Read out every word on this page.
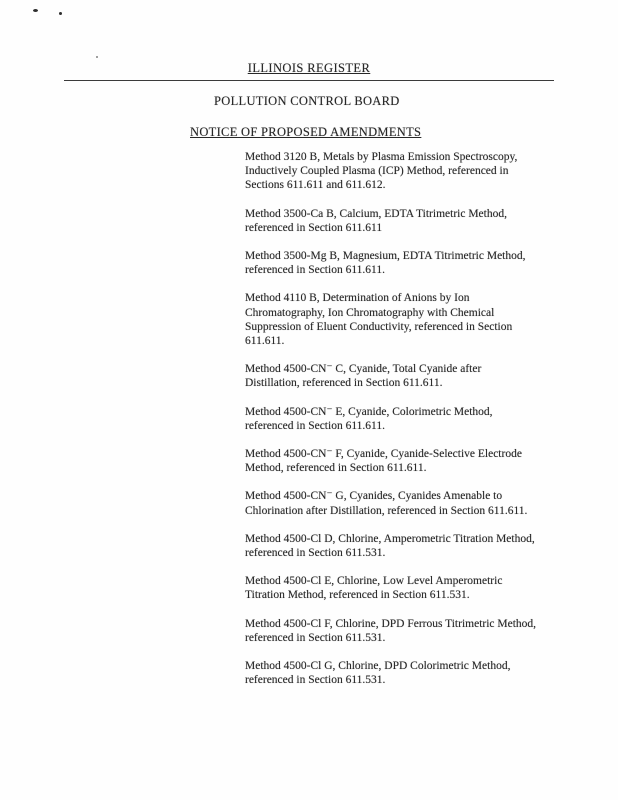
ILLINOIS REGISTER
POLLUTION CONTROL BOARD
NOTICE OF PROPOSED AMENDMENTS

Method 3120 B, Metals by Plasma Emission Spectroscopy, Inductively Coupled Plasma (ICP) Method, referenced in Sections 611.611 and 611.612.

Method 3500-Ca B, Calcium, EDTA Titrimetric Method, referenced in Section 611.611

Method 3500-Mg B, Magnesium, EDTA Titrimetric Method, referenced in Section 611.611.

Method 4110 B, Determination of Anions by Ion Chromatography, Ion Chromatography with Chemical Suppression of Eluent Conductivity, referenced in Section 611.611.

Method 4500-CN⁻ C, Cyanide, Total Cyanide after Distillation, referenced in Section 611.611.

Method 4500-CN⁻ E, Cyanide, Colorimetric Method, referenced in Section 611.611.

Method 4500-CN⁻ F, Cyanide, Cyanide-Selective Electrode Method, referenced in Section 611.611.

Method 4500-CN⁻ G, Cyanides, Cyanides Amenable to Chlorination after Distillation, referenced in Section 611.611.

Method 4500-Cl D, Chlorine, Amperometric Titration Method, referenced in Section 611.531.

Method 4500-Cl E, Chlorine, Low Level Amperometric Titration Method, referenced in Section 611.531.

Method 4500-Cl F, Chlorine, DPD Ferrous Titrimetric Method, referenced in Section 611.531.

Method 4500-Cl G, Chlorine, DPD Colorimetric Method, referenced in Section 611.531.
